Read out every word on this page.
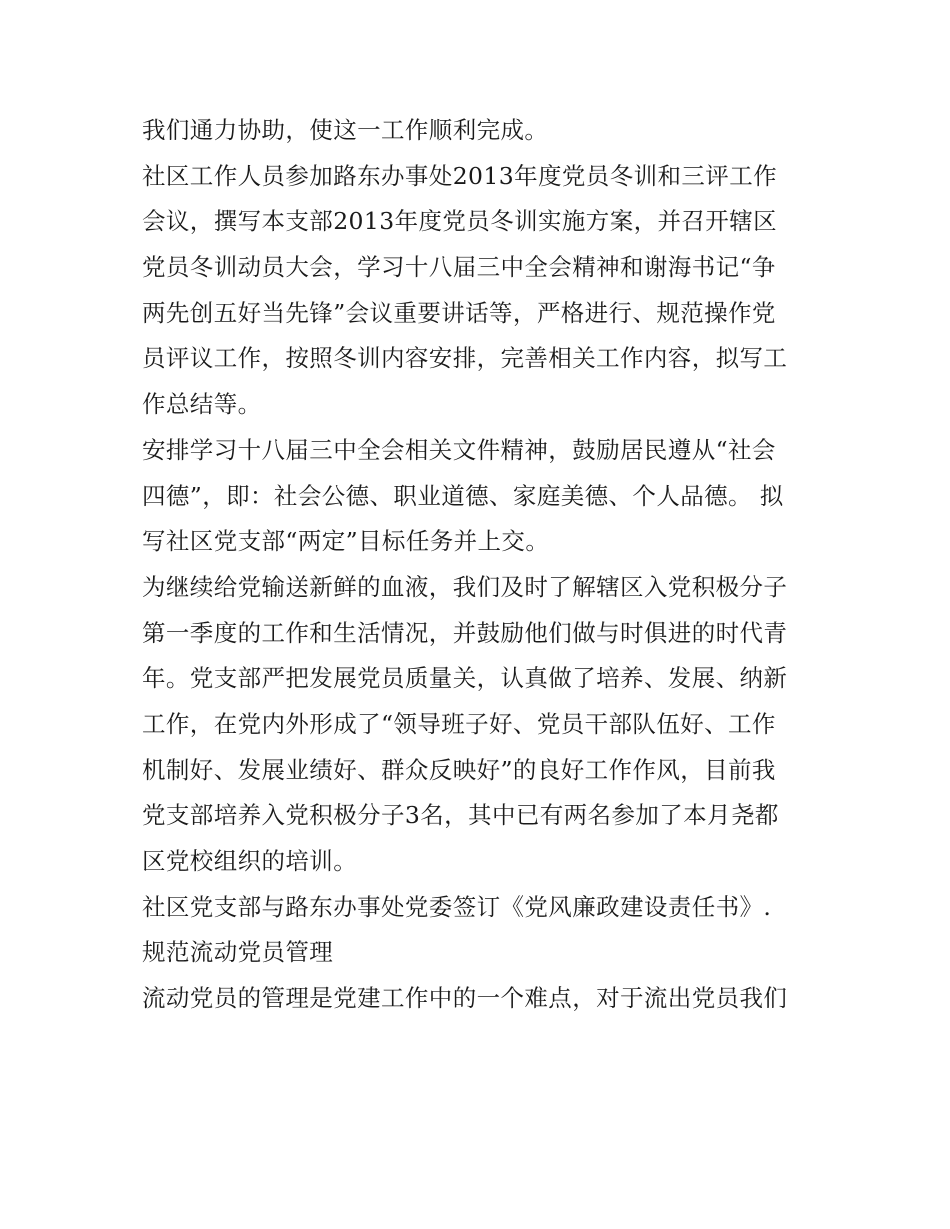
我们通力协助，使这一工作顺利完成。
社区工作人员参加路东办事处2013年度党员冬训和三评工作
会议，撰写本支部2013年度党员冬训实施方案，并召开辖区
党员冬训动员大会，学习十八届三中全会精神和谢海书记“争
两先创五好当先锋”会议重要讲话等，严格进行、规范操作党
员评议工作，按照冬训内容安排，完善相关工作内容，拟写工
作总结等。
安排学习十八届三中全会相关文件精神，鼓励居民遵从“社会
四德”，即：社会公德、职业道德、家庭美德、个人品德。 拟
写社区党支部“两定”目标任务并上交。
为继续给党输送新鲜的血液，我们及时了解辖区入党积极分子
第一季度的工作和生活情况，并鼓励他们做与时俱进的时代青
年。党支部严把发展党员质量关，认真做了培养、发展、纳新
工作，在党内外形成了“领导班子好、党员干部队伍好、工作
机制好、发展业绩好、群众反映好”的良好工作作风，目前我
党支部培养入党积极分子3名，其中已有两名参加了本月尧都
区党校组织的培训。
社区党支部与路东办事处党委签订《党风廉政建设责任书》.
规范流动党员管理
流动党员的管理是党建工作中的一个难点，对于流出党员我们
